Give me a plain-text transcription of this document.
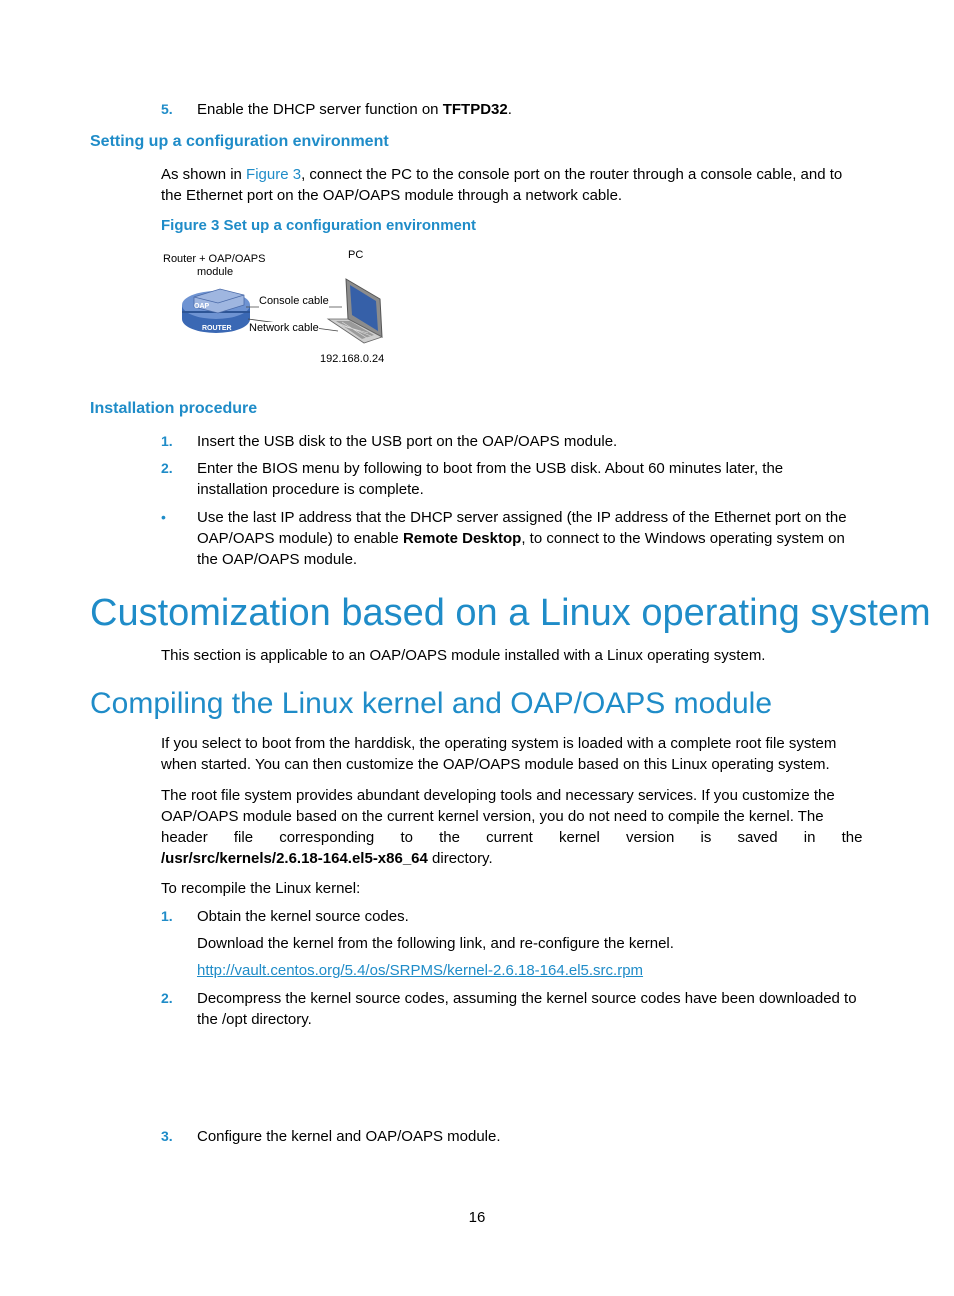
5. Enable the DHCP server function on TFTPD32.
Setting up a configuration environment
As shown in Figure 3, connect the PC to the console port on the router through a console cable, and to
the Ethernet port on the OAP/OAPS module through a network cable.
Figure 3 Set up a configuration environment
Router + OAP/OAPS
module
PC
OAP
ROUTER
Console cable
Network cable
192.168.0.24
Installation procedure
1. Insert the USB disk to the USB port on the OAP/OAPS module.
2. Enter the BIOS menu by following to boot from the USB disk. About 60 minutes later, the
installation procedure is complete.
• Use the last IP address that the DHCP server assigned (the IP address of the Ethernet port on the
OAP/OAPS module) to enable Remote Desktop, to connect to the Windows operating system on
the OAP/OAPS module.
Customization based on a Linux operating system
This section is applicable to an OAP/OAPS module installed with a Linux operating system.
Compiling the Linux kernel and OAP/OAPS module
If you select to boot from the harddisk, the operating system is loaded with a complete root file system
when started. You can then customize the OAP/OAPS module based on this Linux operating system.
The root file system provides abundant developing tools and necessary services. If you customize the
OAP/OAPS module based on the current kernel version, you do not need to compile the kernel. The
header file corresponding to the current kernel version is saved in the
/usr/src/kernels/2.6.18-164.el5-x86_64 directory.
To recompile the Linux kernel:
1. Obtain the kernel source codes.
Download the kernel from the following link, and re-configure the kernel.
http://vault.centos.org/5.4/os/SRPMS/kernel-2.6.18-164.el5.src.rpm
2. Decompress the kernel source codes, assuming the kernel source codes have been downloaded to
the /opt directory.
3. Configure the kernel and OAP/OAPS module.
16
